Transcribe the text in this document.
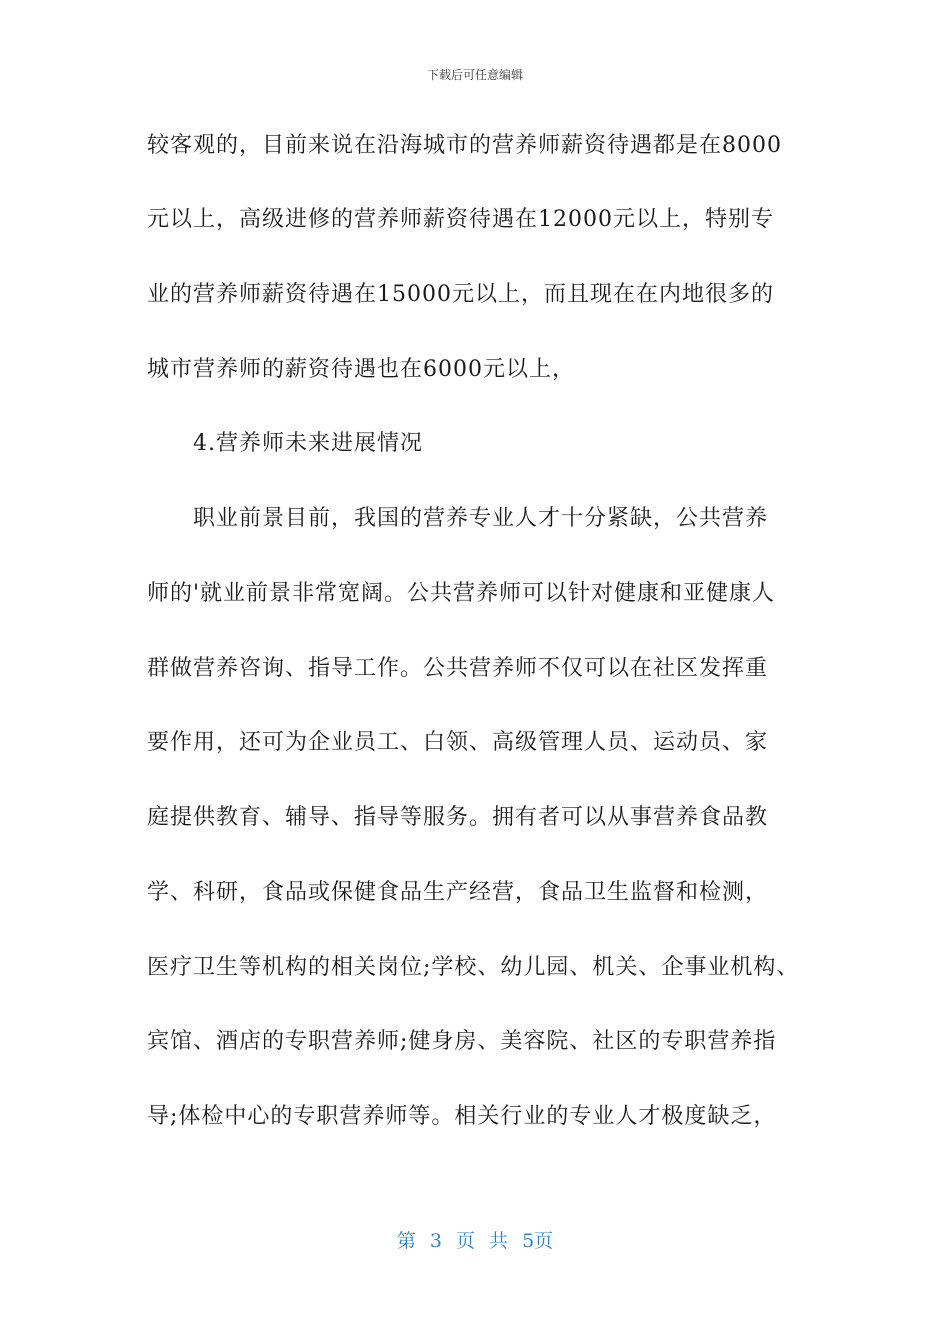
下载后可任意编辑
较客观的，目前来说在沿海城市的营养师薪资待遇都是在8000
元以上，高级进修的营养师薪资待遇在12000元以上，特别专
业的营养师薪资待遇在15000元以上，而且现在在内地很多的
城市营养师的薪资待遇也在6000元以上，
4.营养师未来进展情况
职业前景目前，我国的营养专业人才十分紧缺，公共营养
师的'就业前景非常宽阔。公共营养师可以针对健康和亚健康人
群做营养咨询、指导工作。公共营养师不仅可以在社区发挥重
要作用，还可为企业员工、白领、高级管理人员、运动员、家
庭提供教育、辅导、指导等服务。拥有者可以从事营养食品教
学、科研，食品或保健食品生产经营，食品卫生监督和检测，
医疗卫生等机构的相关岗位;学校、幼儿园、机关、企事业机构、
宾馆、酒店的专职营养师;健身房、美容院、社区的专职营养指
导;体检中心的专职营养师等。相关行业的专业人才极度缺乏，
第 3 页 共 5页
